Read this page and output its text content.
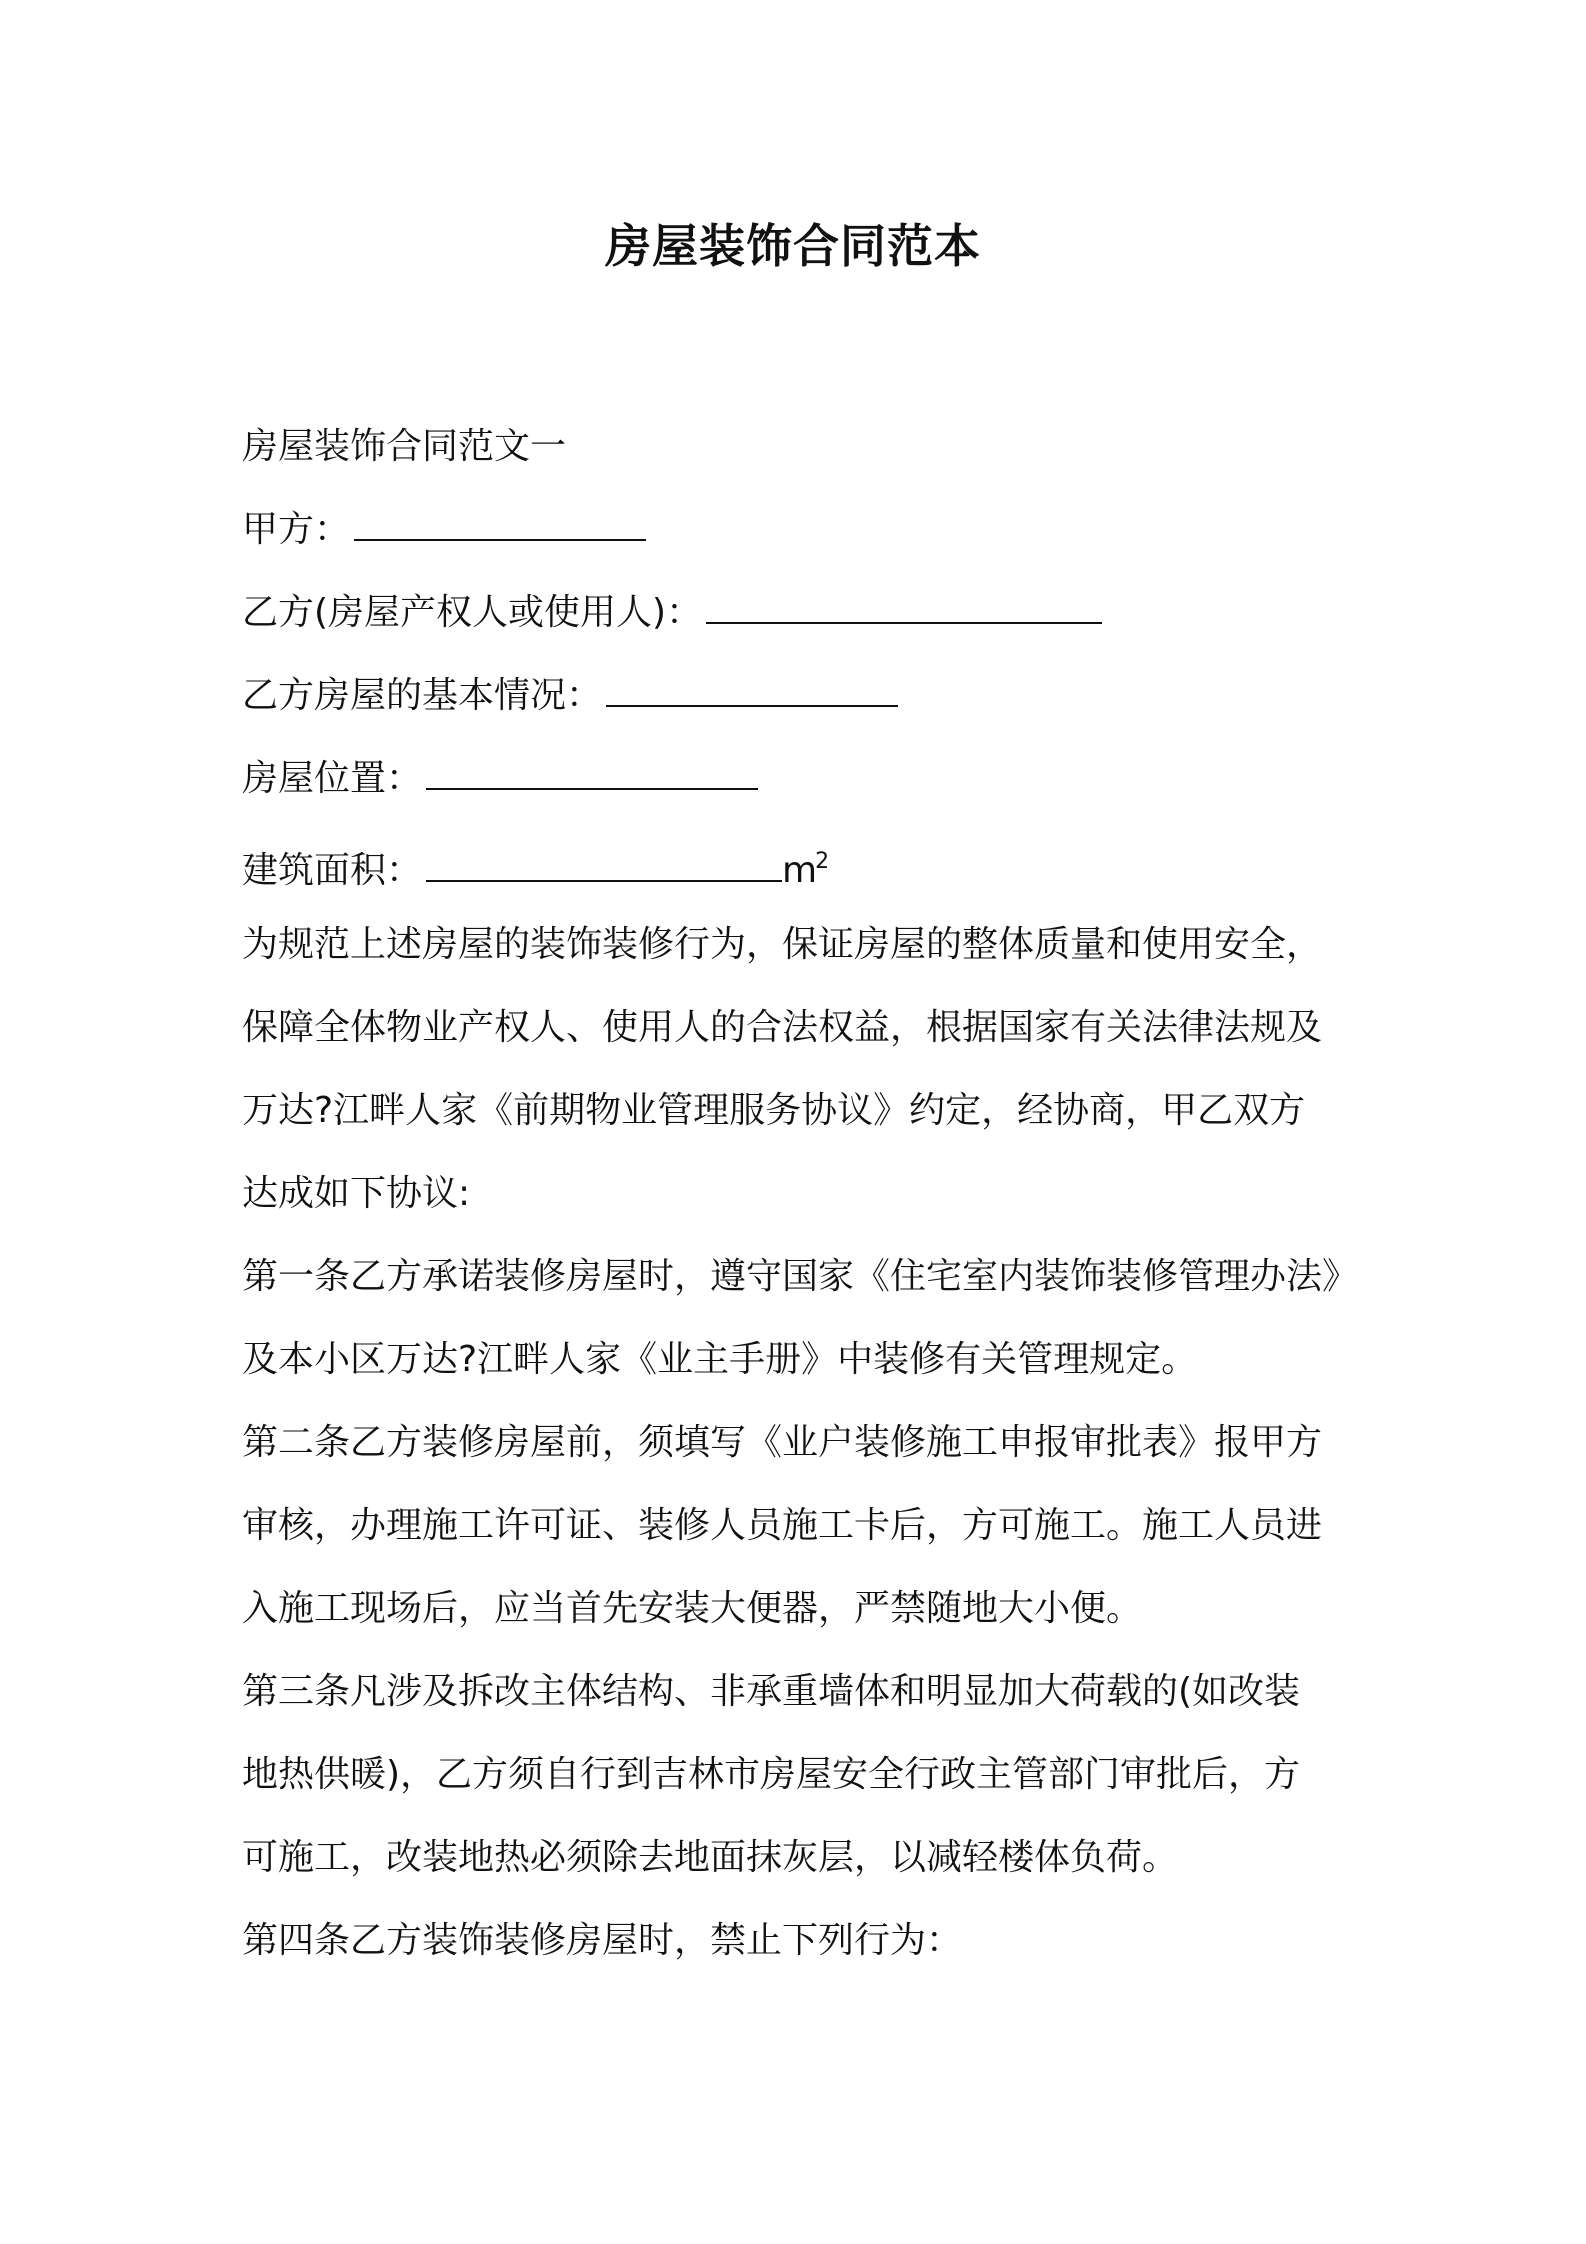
房屋装饰合同范本
房屋装饰合同范文一
甲方：
乙方(房屋产权人或使用人)：
乙方房屋的基本情况：
房屋位置：
建筑面积：	$m^2$
为规范上述房屋的装饰装修行为，保证房屋的整体质量和使用安全，
保障全体物业产权人、使用人的合法权益，根据国家有关法律法规及
万达?江畔人家《前期物业管理服务协议》约定，经协商，甲乙双方
达成如下协议:
第一条乙方承诺装修房屋时，遵守国家《住宅室内装饰装修管理办法》
及本小区万达?江畔人家《业主手册》中装修有关管理规定。
第二条乙方装修房屋前，须填写《业户装修施工申报审批表》报甲方
审核，办理施工许可证、装修人员施工卡后，方可施工。施工人员进
入施工现场后，应当首先安装大便器，严禁随地大小便。
第三条凡涉及拆改主体结构、非承重墙体和明显加大荷载的(如改装
地热供暖)，乙方须自行到吉林市房屋安全行政主管部门审批后，方
可施工，改装地热必须除去地面抹灰层，以减轻楼体负荷。
第四条乙方装饰装修房屋时，禁止下列行为：
